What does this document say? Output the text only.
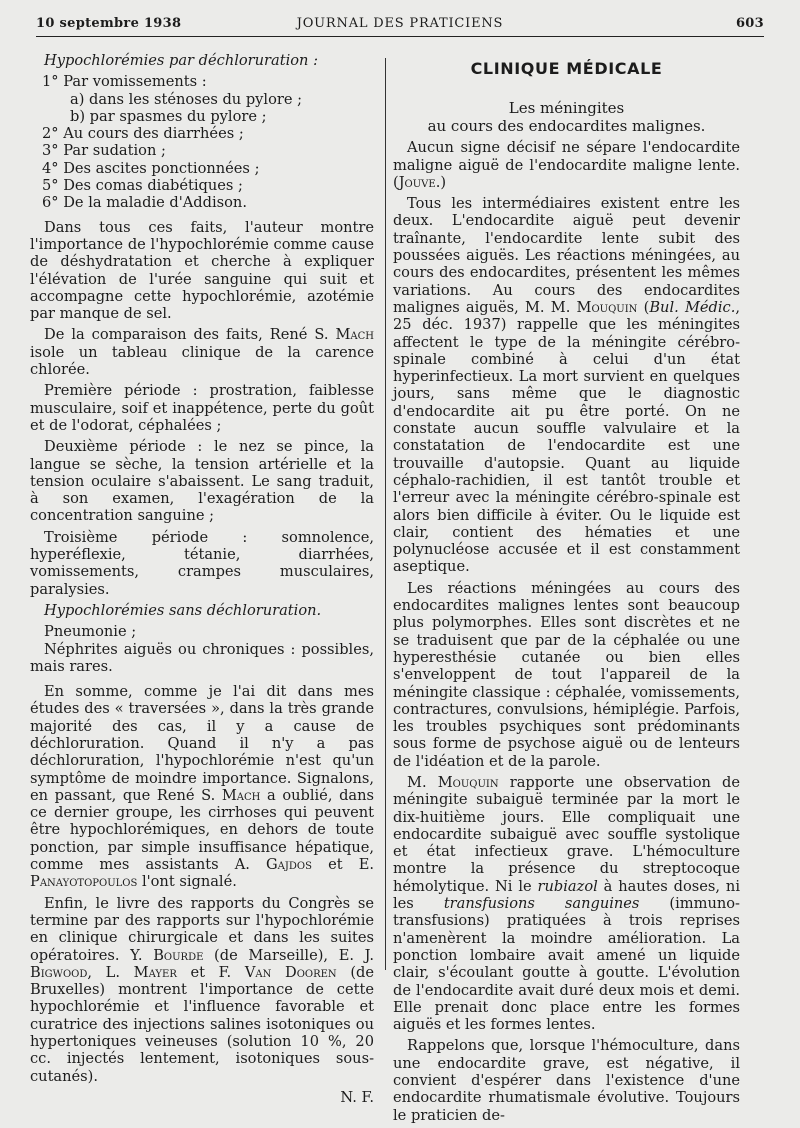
10 septembre 1938	JOURNAL DES PRATICIENS	603

Hypochlorémies par déchloruration :

1° Par vomissements :
a) dans les sténoses du pylore ;
b) par spasmes du pylore ;
2° Au cours des diarrhées ;
3° Par sudation ;
4° Des ascites ponctionnées ;
5° Des comas diabétiques ;
6° De la maladie d'Addison.

Dans tous ces faits, l'auteur montre l'importance de l'hypochlorémie comme cause de déshydratation et cherche à expliquer l'élévation de l'urée sanguine qui suit et accompagne cette hypochlorémie, azotémie par manque de sel.

De la comparaison des faits, René S. Mach isole un tableau clinique de la carence chlorée.

Première période : prostration, faiblesse musculaire, soif et inappétence, perte du goût et de l'odorat, céphalées ;

Deuxième période : le nez se pince, la langue se sèche, la tension artérielle et la tension oculaire s'abaissent. Le sang traduit, à son examen, l'exagération de la concentration sanguine ;

Troisième période : somnolence, hyperéflexie, tétanie, diarrhées, vomissements, crampes musculaires, paralysies.

Hypochlorémies sans déchloruration.

Pneumonie ;

Néphrites aiguës ou chroniques : possibles, mais rares.

En somme, comme je l'ai dit dans mes études des « traversées », dans la très grande majorité des cas, il y a cause de déchloruration. Quand il n'y a pas déchloruration, l'hypochlorémie n'est qu'un symptôme de moindre importance. Signalons, en passant, que René S. Mach a oublié, dans ce dernier groupe, les cirrhoses qui peuvent être hypochlorémiques, en dehors de toute ponction, par simple insuffisance hépatique, comme mes assistants A. Gajdos et E. Panayotopoulos l'ont signalé.

Enfin, le livre des rapports du Congrès se termine par des rapports sur l'hypochlorémie en clinique chirurgicale et dans les suites opératoires. Y. Bourde (de Marseille), E. J. Bigwood, L. Mayer et F. Van Dooren (de Bruxelles) montrent l'importance de cette hypochlorémie et l'influence favorable et curatrice des injections salines isotoniques ou hypertoniques veineuses (solution 10 %, 20 cc. injectés lentement, isotoniques sous-cutanés).

N. F.

CLINIQUE MÉDICALE
Les méningites
au cours des endocardites malignes.

Aucun signe décisif ne sépare l'endocardite maligne aiguë de l'endocardite maligne lente. (Jouve.)

Tous les intermédiaires existent entre les deux. L'endocardite aiguë peut devenir traînante, l'endocardite lente subit des poussées aiguës. Les réactions méningées, au cours des endocardites, présentent les mêmes variations. Au cours des endocardites malignes aiguës, M. M. Mouquin (Bul. Médic., 25 déc. 1937) rappelle que les méningites affectent le type de la méningite cérébro-spinale combiné à celui d'un état hyperinfectieux. La mort survient en quelques jours, sans même que le diagnostic d'endocardite ait pu être porté. On ne constate aucun souffle valvulaire et la constatation de l'endocardite est une trouvaille d'autopsie. Quant au liquide céphalo-rachidien, il est tantôt trouble et l'erreur avec la méningite cérébro-spinale est alors bien difficile à éviter. Ou le liquide est clair, contient des hématies et une polynucléose accusée et il est constamment aseptique.

Les réactions méningées au cours des endocardites malignes lentes sont beaucoup plus polymorphes. Elles sont discrètes et ne se traduisent que par de la céphalée ou une hyperesthésie cutanée ou bien elles s'enveloppent de tout l'appareil de la méningite classique : céphalée, vomissements, contractures, convulsions, hémiplégie. Parfois, les troubles psychiques sont prédominants sous forme de psychose aiguë ou de lenteurs de l'idéation et de la parole.

M. Mouquin rapporte une observation de méningite subaiguë terminée par la mort le dix-huitième jours. Elle compliquait une endocardite subaiguë avec souffle systolique et état infectieux grave. L'hémoculture montre la présence du streptocoque hémolytique. Ni le rubiazol à hautes doses, ni les transfusions sanguines (immuno-transfusions) pratiquées à trois reprises n'amenèrent la moindre amélioration. La ponction lombaire avait amené un liquide clair, s'écoulant goutte à goutte. L'évolution de l'endocardite avait duré deux mois et demi. Elle prenait donc place entre les formes aiguës et les formes lentes.

Rappelons que, lorsque l'hémoculture, dans une endocardite grave, est négative, il convient d'espérer dans l'existence d'une endocardite rhumatismale évolutive. Toujours le praticien de-
